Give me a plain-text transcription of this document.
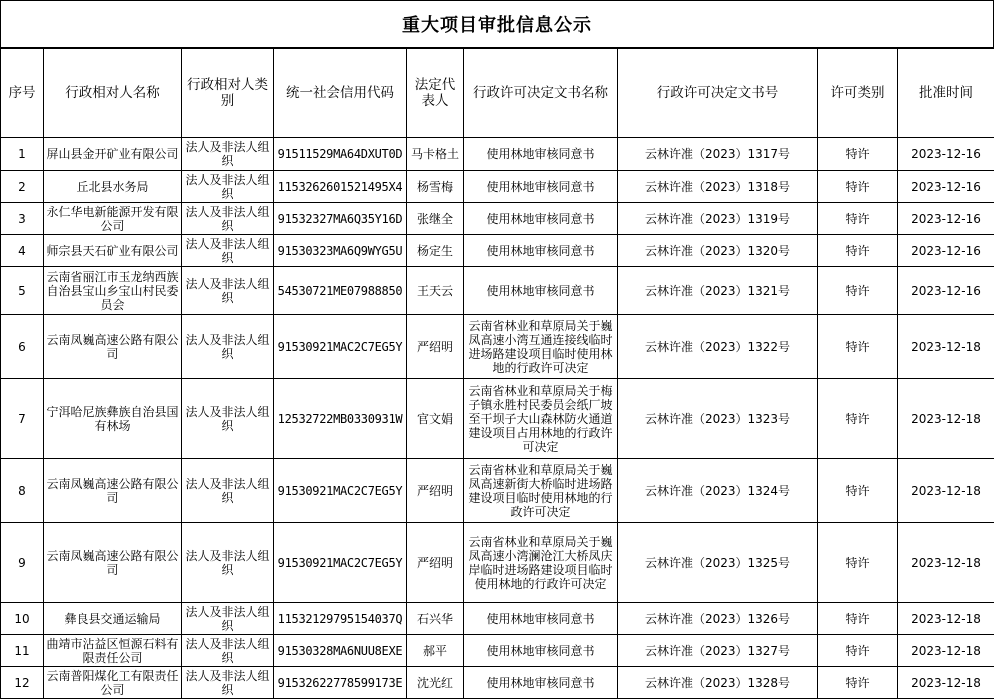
重大项目审批信息公示
序号	行政相对人名称	行政相对人类别	统一社会信用代码	法定代表人	行政许可决定文书名称	行政许可决定文书号	许可类别	批准时间
1	屏山县金开矿业有限公司	法人及非法人组织	91511529MA64DXUT0D	马卡格土	使用林地审核同意书	云林许准（2023）1317号	特许	2023-12-16
2	丘北县水务局	法人及非法人组织	11532626015214​95X4	杨雪梅	使用林地审核同意书	云林许准（2023）1318号	特许	2023-12-16
3	永仁华电新能源开发有限公司	法人及非法人组织	91532327MA6Q35Y16D	张继全	使用林地审核同意书	云林许准（2023）1319号	特许	2023-12-16
4	师宗县天石矿业有限公司	法人及非法人组织	91530323MA6Q9WYG5U	杨定生	使用林地审核同意书	云林许准（2023）1320号	特许	2023-12-16
5	云南省丽江市玉龙纳西族自治县宝山乡宝山村民委员会	法人及非法人组织	54530721ME07988850	王天云	使用林地审核同意书	云林许准（2023）1321号	特许	2023-12-16
6	云南凤巍高速公路有限公司	法人及非法人组织	91530921MAC2C7EG5Y	严绍明	云南省林业和草原局关于巍凤高速小湾互通连接线临时进场路建设项目临时使用林地的行政许可决定	云林许准（2023）1322号	特许	2023-12-18
7	宁洱哈尼族彝族自治县国有林场	法人及非法人组织	12532722MB0330931W	官文娟	云南省林业和草原局关于梅子镇永胜村民委员会纸厂坡至干坝子大山森林防火通道建设项目占用林地的行政许可决定	云林许准（2023）1323号	特许	2023-12-18
8	云南凤巍高速公路有限公司	法人及非法人组织	91530921MAC2C7EG5Y	严绍明	云南省林业和草原局关于巍凤高速新街大桥临时进场路建设项目临时使用林地的行政许可决定	云林许准（2023）1324号	特许	2023-12-18
9	云南凤巍高速公路有限公司	法人及非法人组织	91530921MAC2C7EG5Y	严绍明	云南省林业和草原局关于巍凤高速小湾澜沧江大桥凤庆岸临时进场路建设项目临时使用林地的行政许可决定	云林许准（2023）1325号	特许	2023-12-18
10	彝良县交通运输局	法人及非法人组织	11532129795154037Q	石兴华	使用林地审核同意书	云林许准（2023）1326号	特许	2023-12-18
11	曲靖市沾益区恒源石料有限责任公司	法人及非法人组织	91530328MA6NUU8EXE	郝平	使用林地审核同意书	云林许准（2023）1327号	特许	2023-12-18
12	云南普阳煤化工有限责任公司	法人及非法人组织	91532622778599173E	沈光红	使用林地审核同意书	云林许准（2023）1328号	特许	2023-12-18
